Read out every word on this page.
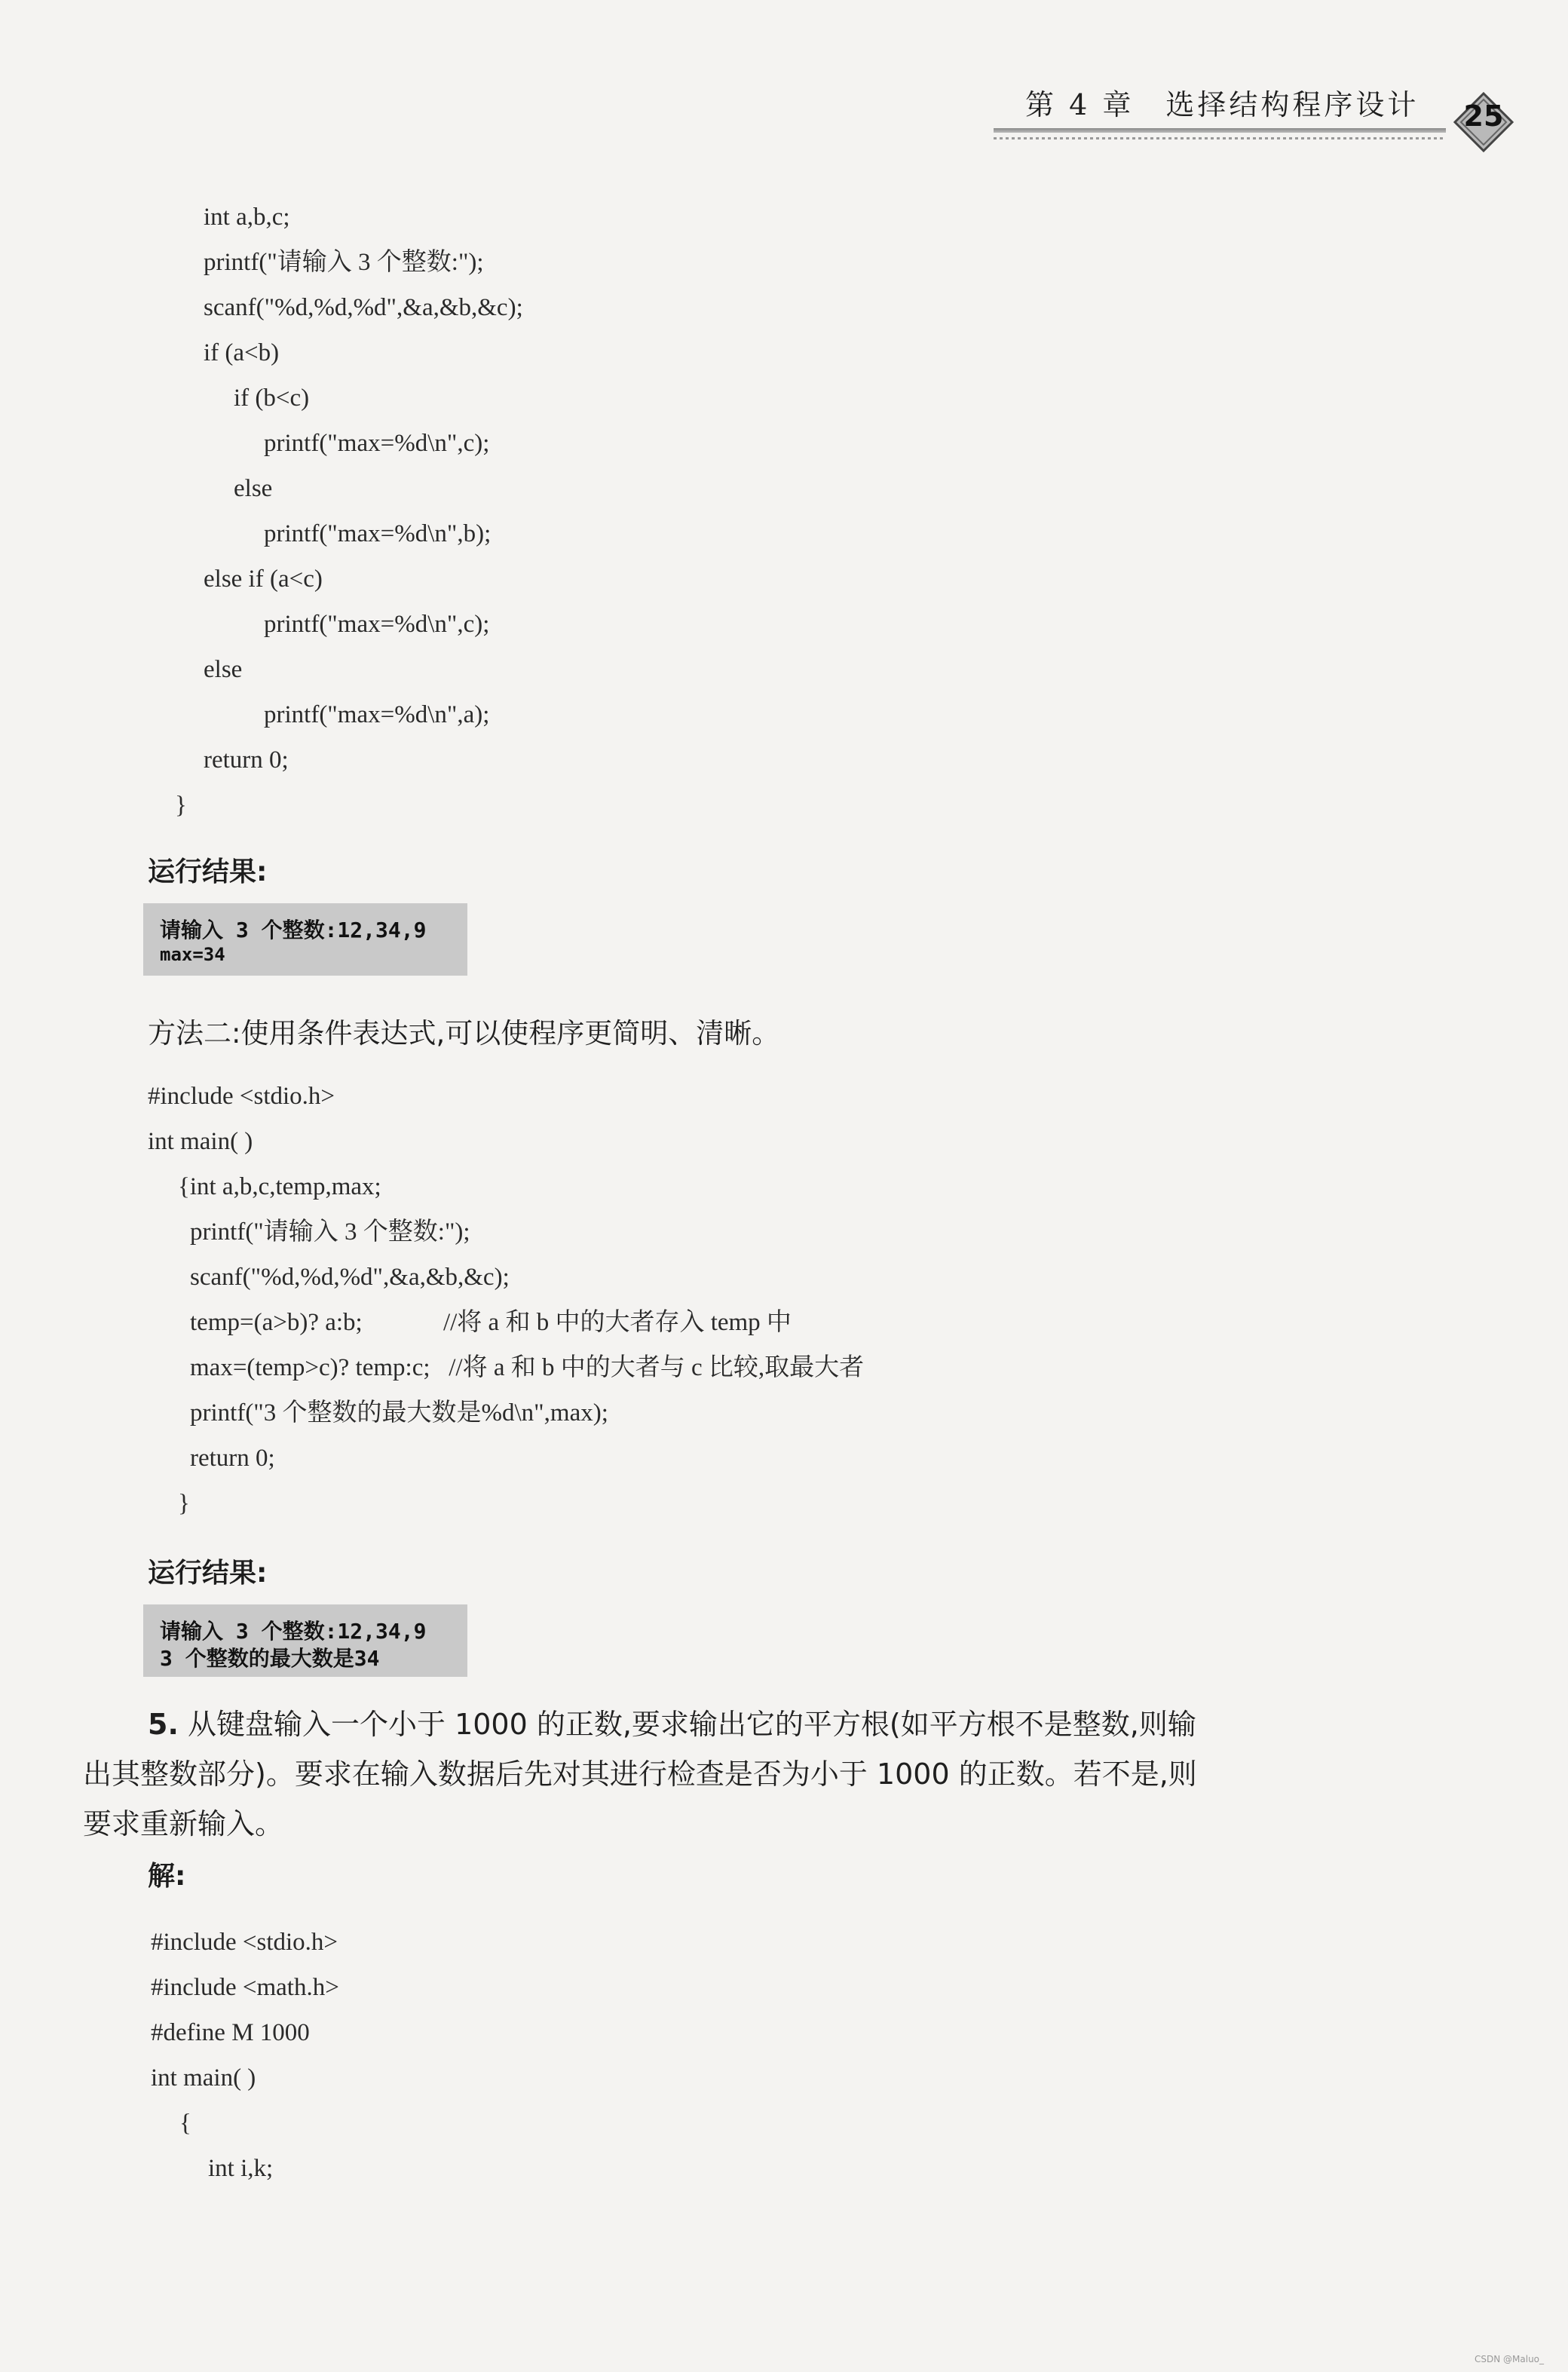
第 4 章　选择结构程序设计	25
int a,b,c;
printf("请输入 3 个整数:");
scanf("%d,%d,%d",&a,&b,&c);
if (a<b)
if (b<c)
printf("max=%d\n",c);
else
printf("max=%d\n",b);
else if (a<c)
printf("max=%d\n",c);
else
printf("max=%d\n",a);
return 0;
}
运行结果:
请输入 3 个整数:12,34,9
max=34
方法二:使用条件表达式,可以使程序更简明、清晰。
#include <stdio.h>
int main( )
{int a,b,c,temp,max;
printf("请输入 3 个整数:");
scanf("%d,%d,%d",&a,&b,&c);
temp=(a>b)? a:b;             //将 a 和 b 中的大者存入 temp 中
max=(temp>c)? temp:c;   //将 a 和 b 中的大者与 c 比较,取最大者
printf("3 个整数的最大数是%d\n",max);
return 0;
}
运行结果:
请输入 3 个整数:12,34,9
3 个整数的最大数是34
5. 从键盘输入一个小于 1000 的正数,要求输出它的平方根(如平方根不是整数,则输
出其整数部分)。要求在输入数据后先对其进行检查是否为小于 1000 的正数。若不是,则
要求重新输入。
解:
#include <stdio.h>
#include <math.h>
#define M 1000
int main( )
{
int i,k;
CSDN @Maluo_
